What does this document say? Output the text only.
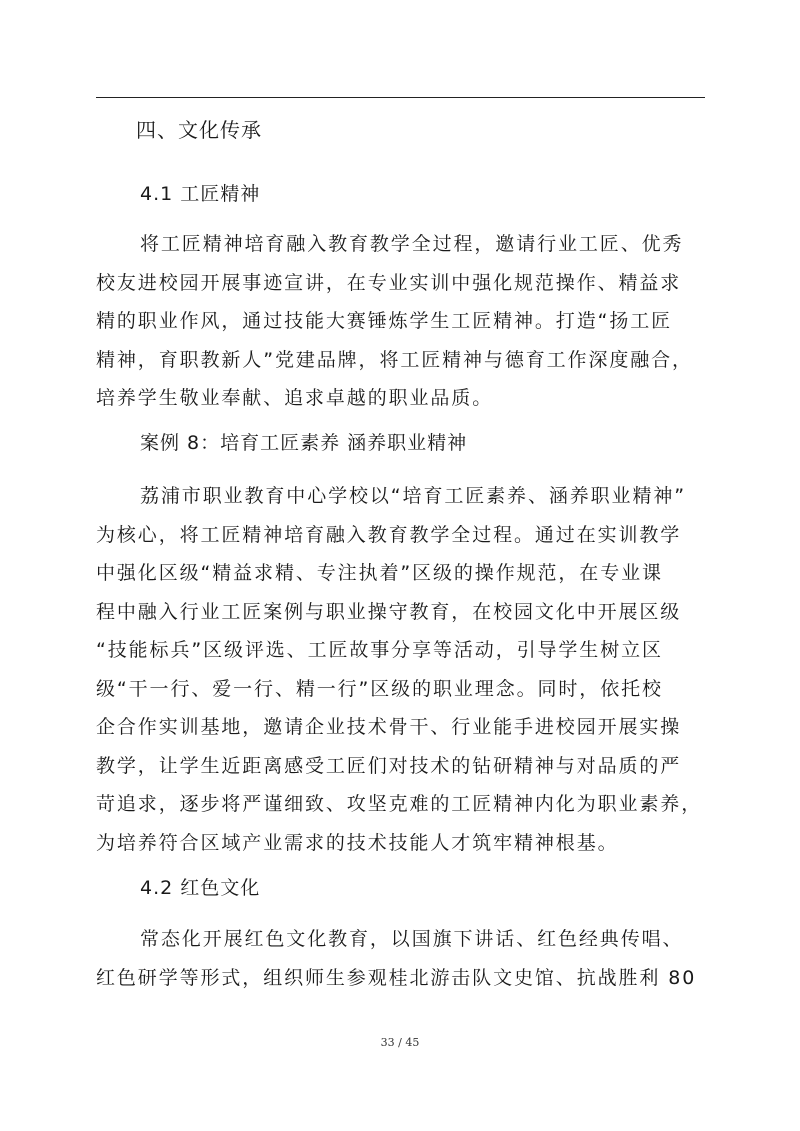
四、文化传承
4.1 工匠精神
将工匠精神培育融入教育教学全过程，邀请行业工匠、优秀
校友进校园开展事迹宣讲，在专业实训中强化规范操作、精益求
精的职业作风，通过技能大赛锤炼学生工匠精神。打造“扬工匠
精神，育职教新人”党建品牌，将工匠精神与德育工作深度融合，
培养学生敬业奉献、追求卓越的职业品质。
案例 8：培育工匠素养 涵养职业精神
荔浦市职业教育中心学校以“培育工匠素养、涵养职业精神”
为核心，将工匠精神培育融入教育教学全过程。通过在实训教学
中强化区级“精益求精、专注执着”区级的操作规范，在专业课
程中融入行业工匠案例与职业操守教育，在校园文化中开展区级
“技能标兵”区级评选、工匠故事分享等活动，引导学生树立区
级“干一行、爱一行、精一行”区级的职业理念。同时，依托校
企合作实训基地，邀请企业技术骨干、行业能手进校园开展实操
教学，让学生近距离感受工匠们对技术的钻研精神与对品质的严
苛追求，逐步将严谨细致、攻坚克难的工匠精神内化为职业素养，
为培养符合区域产业需求的技术技能人才筑牢精神根基。
4.2 红色文化
常态化开展红色文化教育，以国旗下讲话、红色经典传唱、
红色研学等形式，组织师生参观桂北游击队文史馆、抗战胜利 80
33 / 45
